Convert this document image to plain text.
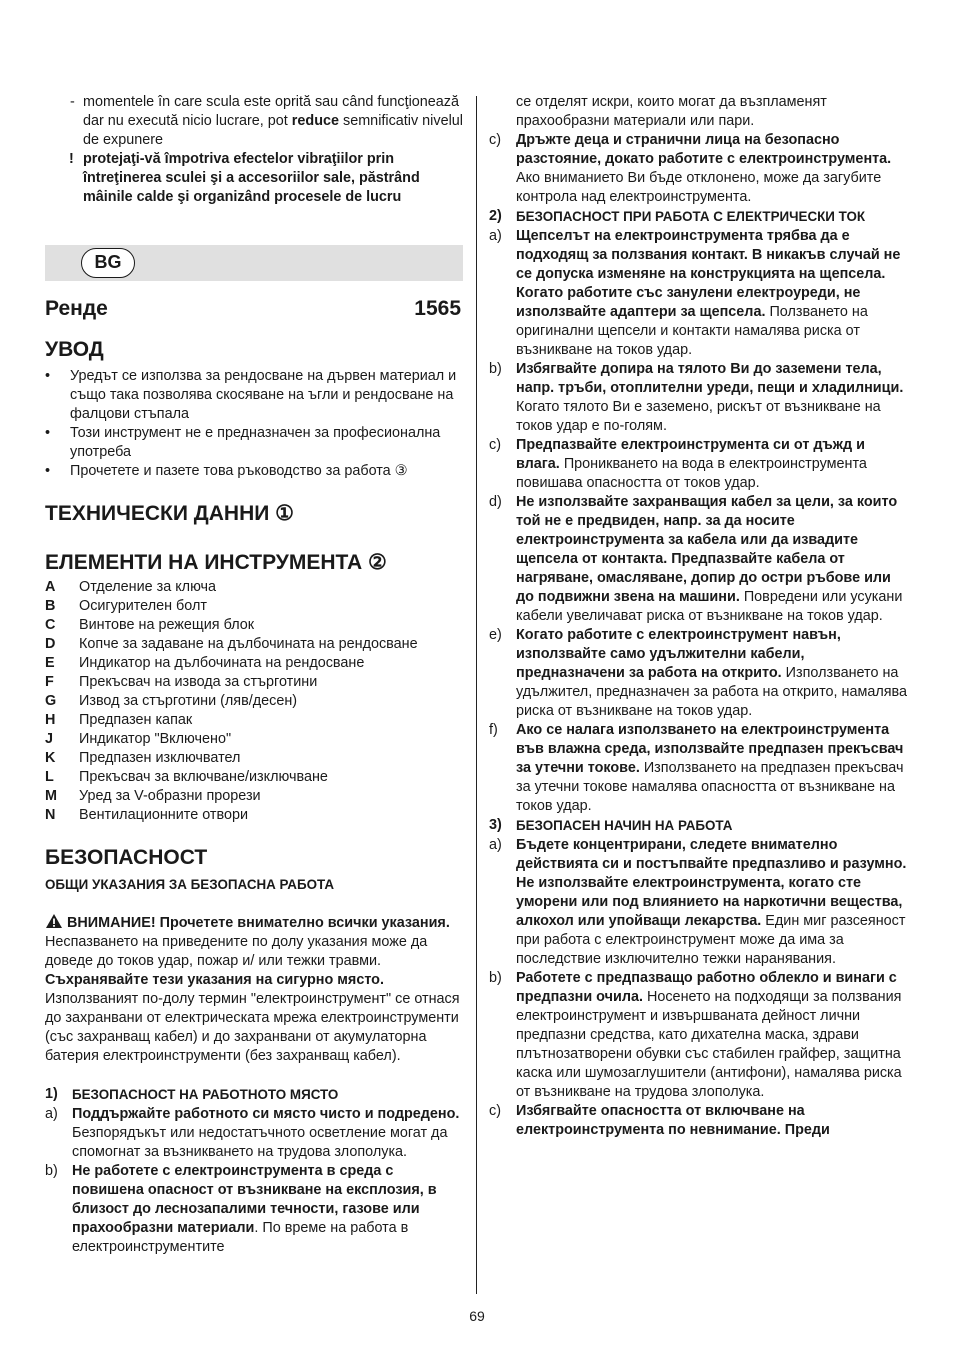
- momentele în care scula este oprită sau când funcţionează dar nu execută nicio lucrare, pot reduce semnificativ nivelul de expunere
! protejaţi-vă împotriva efectelor vibraţiilor prin întreţinerea sculei şi a accesoriilor sale, păstrând mâinile calde şi organizând procesele de lucru
BG
Ренде	1565
УВОД
• Уредът се използва за рендосване на дървен материал и също така позволява скосяване на ъгли и рендосване на фалцови стъпала
• Този инструмент не е предназначен за професионална употреба
• Прочетете и пазете това ръководство за работа ③
ТЕХНИЧЕСКИ ДАННИ ①
ЕЛЕМЕНТИ НА ИНСТРУМЕНТА ②
A Отделение за ключа
B Осигурителен болт
C Винтове на режещия блок
D Копче за задаване на дълбочината на рендосване
E Индикатор на дълбочината на рендосване
F Прекъсвач на извода за стърготини
G Извод за стърготини (ляв/десен)
H Предпазен капак
J Индикатор "Включено"
K Предпазен изключвател
L Прекъсвач за включване/изключване
M Уред за V-образни прорези
N Вентилационните отвори
БЕЗОПАСНОСТ
ОБЩИ УКАЗАНИЯ ЗА БЕЗОПАСНА РАБОТА
ВНИМАНИЕ! Прочетете внимателно всички указания. Неспазването на приведените по долу указания може да доведе до токов удар, пожар и/ или тежки травми. Съхранявайте тези указания на сигурно място. Използваният по-долу термин "електроинструмент" се отнася до захранвани от електрическата мрежа електроинструменти (със захранващ кабел) и до захранвани от акумулаторна батерия електроинструменти (без захранващ кабел).
1) БЕЗОПАСНОСТ НА РАБОТНОТО МЯСТО
a) Поддържайте работното си място чисто и подредено. Безпорядъкът или недостатъчното осветление могат да спомогнат за възникването на трудова злополука.
b) Не работете с електроинструмента в среда с повишена опасност от възникване на експлозия, в близост до леснозапалими течности, газове или прахообразни материали. По време на работа в електроинструментите
се отделят искри, които могат да възпламенят прахообразни материали или пари.
c) Дръжте деца и странични лица на безопасно разстояние, докато работите с електроинструмента. Ако вниманието Ви бъде отклонено, може да загубите контрола над електроинструмента.
2) БЕЗОПАСНОСТ ПРИ РАБОТА С ЕЛЕКТРИЧЕСКИ ТОК
a) Щепселът на електроинструмента трябва да е подходящ за ползвания контакт. В никакъв случай не се допуска изменяне на конструкцията на щепсела. Когато работите със занулени електроуреди, не използвайте адаптери за щепсела. Ползването на оригинални щепсели и контакти намалява риска от възникване на токов удар.
b) Избягвайте допира на тялото Ви до заземени тела, напр. тръби, отоплителни уреди, пещи и хладилници. Когато тялото Ви е заземено, рискът от възникване на токов удар е по-голям.
c) Предпазвайте електроинструмента си от дъжд и влага. Проникването на вода в електроинструмента повишава опасността от токов удар.
d) Не използвайте захранващия кабел за цели, за които той не е предвиден, напр. за да носите електроинструмента за кабела или да извадите щепсела от контакта. Предпазвайте кабела от нагряване, омасляване, допир до остри ръбове или до подвижни звена на машини. Повредени или усукани кабели увеличават риска от възникване на токов удар.
e) Когато работите с електроинструмент навън, използвайте само удължителни кабели, предназначени за работа на открито. Използването на удължител, предназначен за работа на открито, намалява риска от възникване на токов удар.
f) Ако се налага използването на електроинструмента във влажна среда, използвайте предпазен прекъсвач за утечни токове. Използването на предпазен прекъсвач за утечни токове намалява опасността от възникване на токов удар.
3) БЕЗОПАСЕН НАЧИН НА РАБОТА
a) Бъдете концентрирани, следете внимателно действията си и постъпвайте предпазливо и разумно. Не използвайте електроинструмента, когато сте уморени или под влиянието на наркотични вещества, алкохол или упойващи лекарства. Един миг разсеяност при работа с електроинструмент може да има за последствие изключително тежки наранявания.
b) Работете с предпазващо работно облекло и винаги с предпазни очила. Носенето на подходящи за ползвания електроинструмент и извършваната дейност лични предпазни средства, като дихателна маска, здрави плътнозатворени обувки със стабилен грайфер, защитна каска или шумозаглушители (антифони), намалява риска от възникване на трудова злополука.
c) Избягвайте опасността от включване на електроинструмента по невнимание. Преди
69
